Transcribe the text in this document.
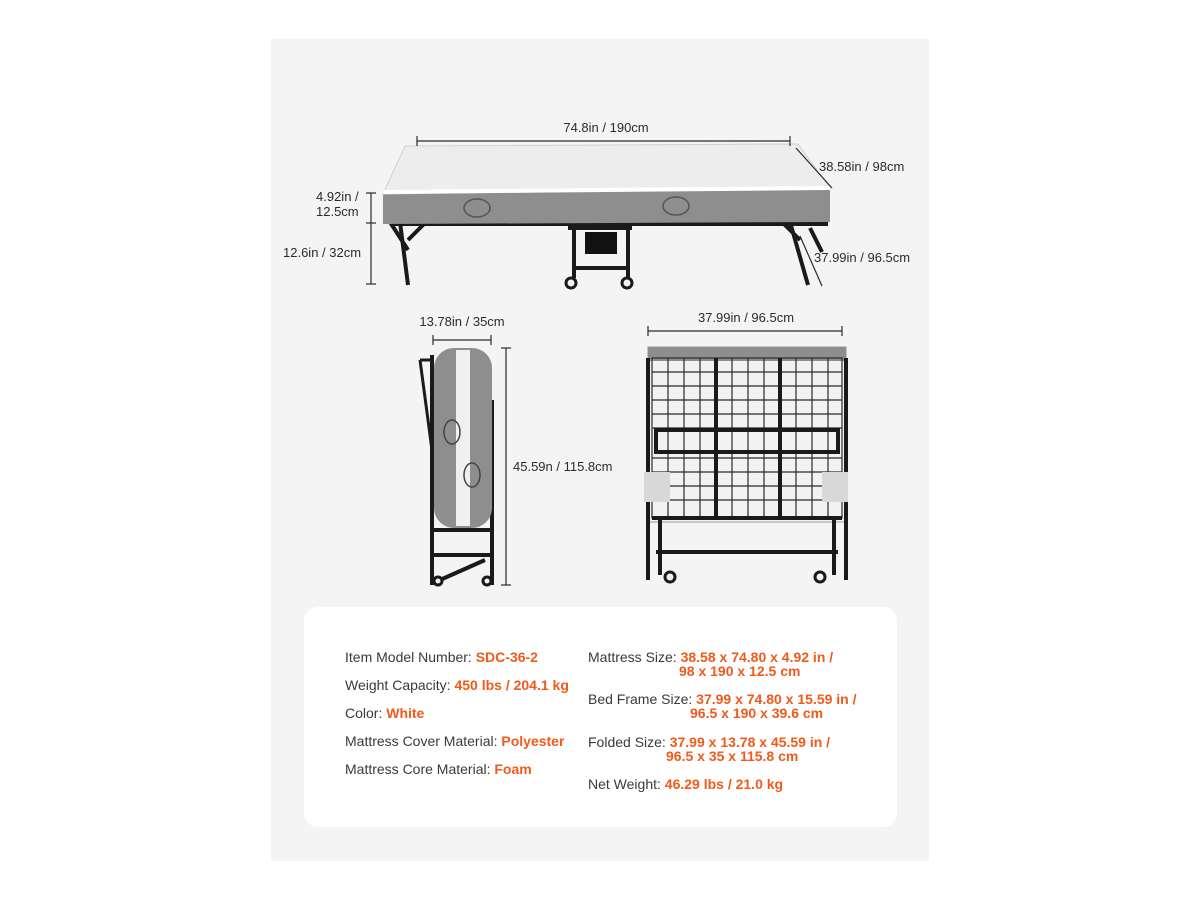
74.8in / 190cm
38.58in / 98cm
4.92in /
12.5cm
12.6in / 32cm	37.99in / 96.5cm
13.78in / 35cm	37.99in / 96.5cm
45.59n / 115.8cm
Item Model Number: SDC-36-2
Weight Capacity: 450 lbs / 204.1 kg
Color: White
Mattress Cover Material: Polyester
Mattress Core Material: Foam
Mattress Size: 38.58 x 74.80 x 4.92 in /
98 x 190 x 12.5 cm
Bed Frame Size: 37.99 x 74.80 x 15.59 in /
96.5 x 190 x 39.6 cm
Folded Size: 37.99 x 13.78 x 45.59 in /
96.5 x 35 x 115.8 cm
Net Weight: 46.29 lbs / 21.0 kg
